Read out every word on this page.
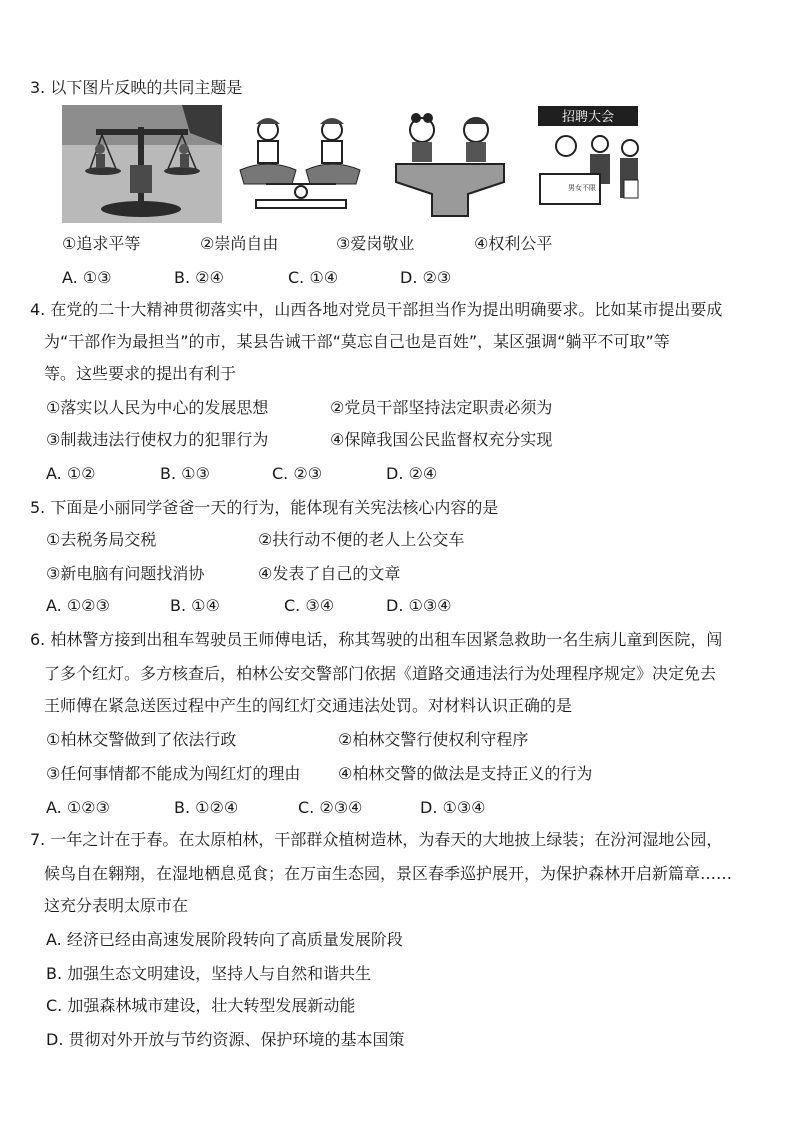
3. 以下图片反映的共同主题是
招聘大会
男女不限
①追求平等	②崇尚自由	③爱岗敬业	④权利公平
A. ①③	B. ②④	C. ①④	D. ②③
4. 在党的二十大精神贯彻落实中，山西各地对党员干部担当作为提出明确要求。比如某市提出要成
为“干部作为最担当”的市，某县告诫干部“莫忘自己也是百姓”，某区强调“躺平不可取”等
等。这些要求的提出有利于
①落实以人民为中心的发展思想	②党员干部坚持法定职责必须为
③制裁违法行使权力的犯罪行为	④保障我国公民监督权充分实现
A. ①②	B. ①③	C. ②③	D. ②④
5. 下面是小丽同学爸爸一天的行为，能体现有关宪法核心内容的是
①去税务局交税	②扶行动不便的老人上公交车
③新电脑有问题找消协	④发表了自己的文章
A. ①②③	B. ①④	C. ③④	D. ①③④
6. 柏林警方接到出租车驾驶员王师傅电话，称其驾驶的出租车因紧急救助一名生病儿童到医院，闯
了多个红灯。多方核查后，柏林公安交警部门依据《道路交通违法行为处理程序规定》决定免去
王师傅在紧急送医过程中产生的闯红灯交通违法处罚。对材料认识正确的是
①柏林交警做到了依法行政	②柏林交警行使权利守程序
③任何事情都不能成为闯红灯的理由 ④柏林交警的做法是支持正义的行为
A. ①②③	B. ①②④	C. ②③④	D. ①③④
7. 一年之计在于春。在太原柏林，干部群众植树造林，为春天的大地披上绿装；在汾河湿地公园，
候鸟自在翱翔，在湿地栖息觅食；在万亩生态园，景区春季巡护展开，为保护森林开启新篇章……
这充分表明太原市在
A. 经济已经由高速发展阶段转向了高质量发展阶段
B. 加强生态文明建设，坚持人与自然和谐共生
C. 加强森林城市建设，壮大转型发展新动能
D. 贯彻对外开放与节约资源、保护环境的基本国策
